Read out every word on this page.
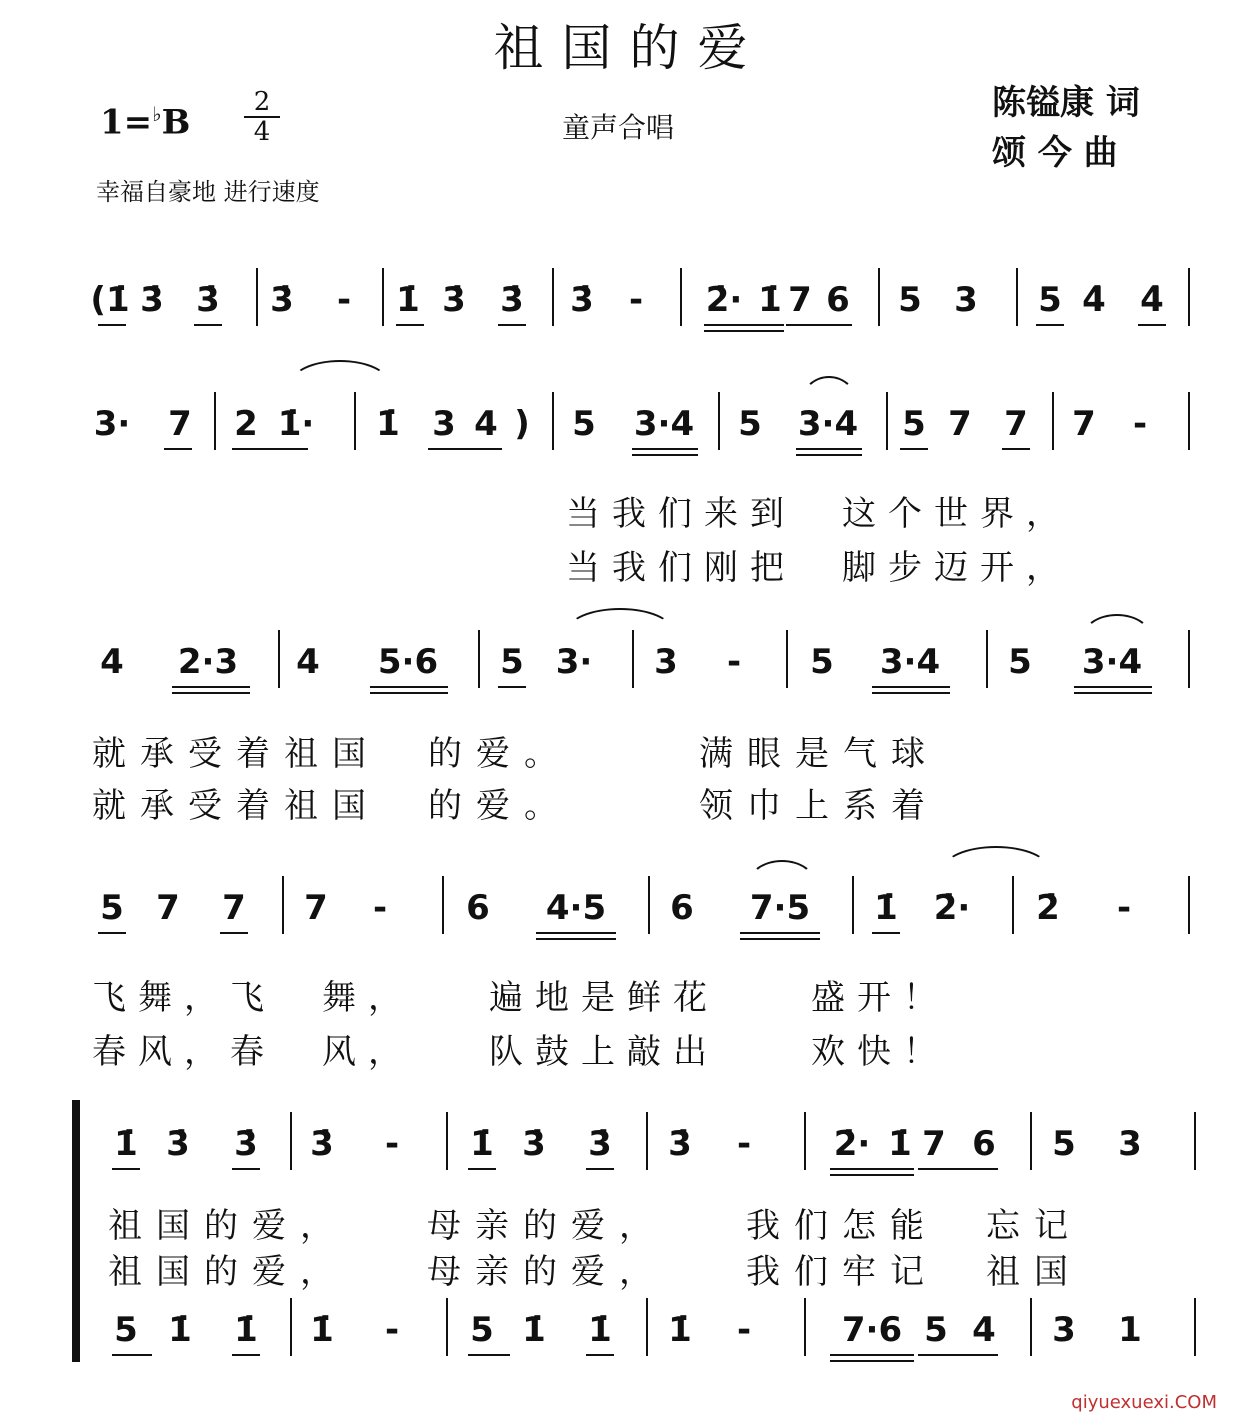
祖国的爱
1=♭B
2
4	童声合唱
陈镒康 词
颂 今 曲
幸福自豪地 进行速度
(1̇ 3̇ 3̇ 3̇ - 1̇ 3̇ 3̇ 3̇ - 2̇· 1̇ 7 6 5 3 5 4̇ 4̇
3· 7 2 1̇· 1̇ 3 4 ) 5 3·4 5 3·4 5 7 7 7 -
当我们来到　这个世界，
当我们刚把　脚步迈开，
4 2·3 4 5·6 5 3· 3 - 5 3·4 5 3·4
就承受着祖国　的爱。　　　满眼是气球
就承受着祖国　的爱。　　　领巾上系着
5 7 7 7 - 6 4·5 6 7·5 1̇ 2̇· 2̇ -
飞舞，飞　舞，　　遍地是鲜花　　盛开！
春风，春　风，　　队鼓上敲出　　欢快！
1̇ 3̇ 3̇ 3̇ - 1̇ 3̇ 3̇ 3̇ - 2̇· 1̇ 7 6 5 3
祖国的爱，　　母亲的爱，　　我们怎能　忘记
祖国的爱，　　母亲的爱，　　我们牢记　祖国
5 1̇ 1̇ 1̇ - 5 1̇ 1̇ 1̇ -	7·6 5 4 3 1
qiyuexuexi.COM
